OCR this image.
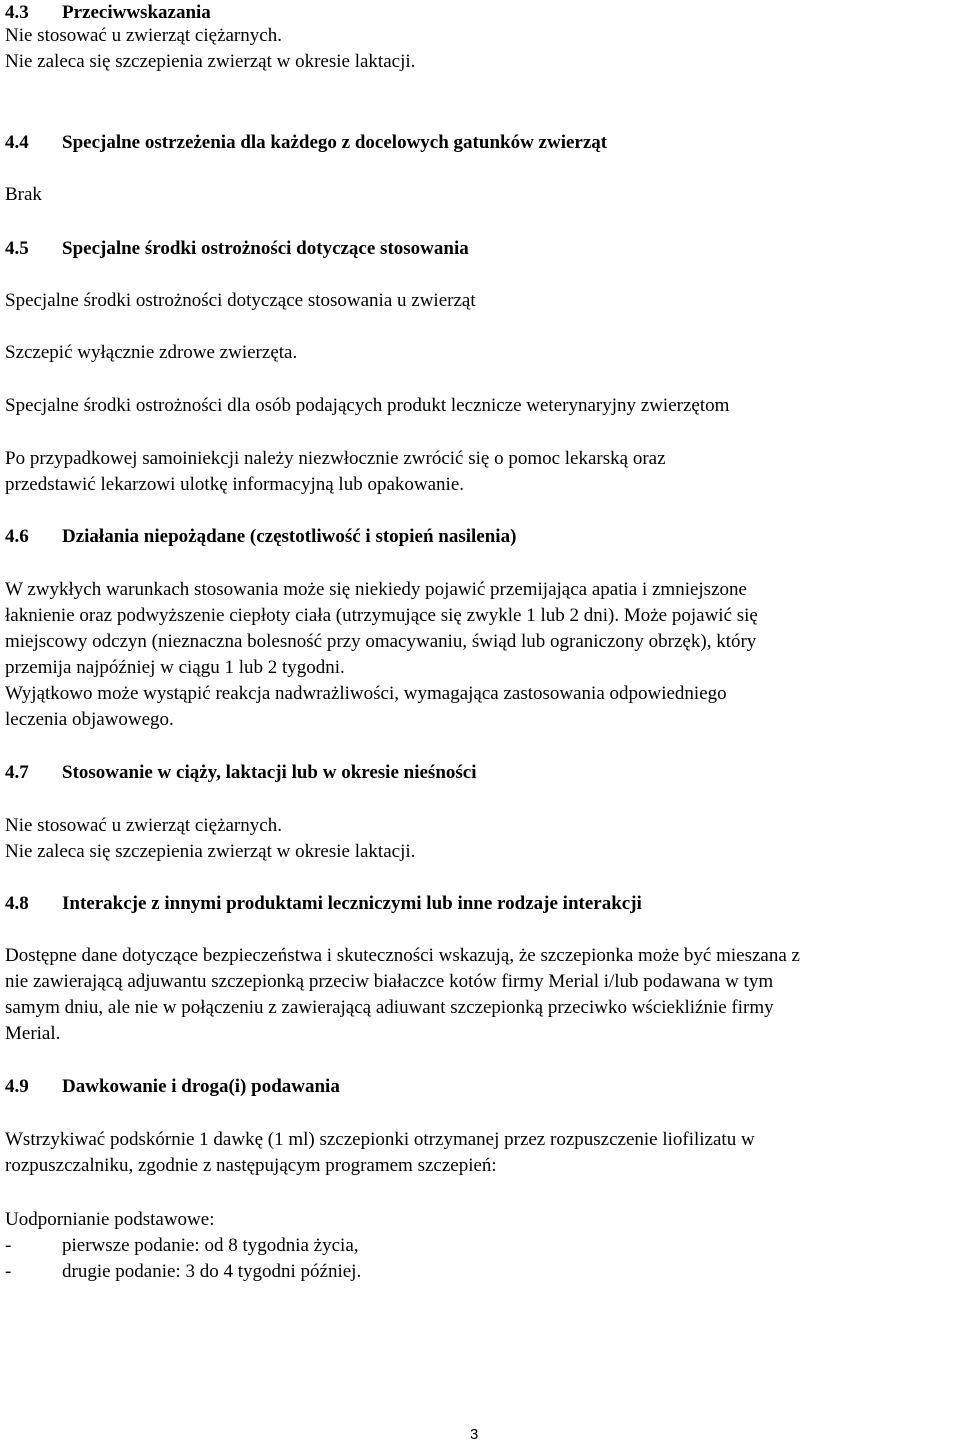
4.3 Przeciwwskazania
Nie stosować u zwierząt ciężarnych.
Nie zaleca się szczepienia zwierząt w okresie laktacji.
4.4 Specjalne ostrzeżenia dla każdego z docelowych gatunków zwierząt
Brak
4.5 Specjalne środki ostrożności dotyczące stosowania
Specjalne środki ostrożności dotyczące stosowania u zwierząt
Szczepić wyłącznie zdrowe zwierzęta.
Specjalne środki ostrożności dla osób podających produkt lecznicze weterynaryjny zwierzętom
Po przypadkowej samoiniekcji należy niezwłocznie zwrócić się o pomoc lekarską oraz
przedstawić lekarzowi ulotkę informacyjną lub opakowanie.
4.6 Działania niepożądane (częstotliwość i stopień nasilenia)
W zwykłych warunkach stosowania może się niekiedy pojawić przemijająca apatia i zmniejszone
łaknienie oraz podwyższenie ciepłoty ciała (utrzymujące się zwykle 1 lub 2 dni). Może pojawić się
miejscowy odczyn (nieznaczna bolesność przy omacywaniu, świąd lub ograniczony obrzęk), który
przemija najpóźniej w ciągu 1 lub 2 tygodni.
Wyjątkowo może wystąpić reakcja nadwrażliwości, wymagająca zastosowania odpowiedniego
leczenia objawowego.
4.7 Stosowanie w ciąży, laktacji lub w okresie nieśności
Nie stosować u zwierząt ciężarnych.
Nie zaleca się szczepienia zwierząt w okresie laktacji.
4.8 Interakcje z innymi produktami leczniczymi lub inne rodzaje interakcji
Dostępne dane dotyczące bezpieczeństwa i skuteczności wskazują, że szczepionka może być mieszana z
nie zawierającą adjuwantu szczepionką przeciw białaczce kotów firmy Merial i/lub podawana w tym
samym dniu, ale nie w połączeniu z zawierającą adiuwant szczepionką przeciwko wściekliźnie firmy
Merial.
4.9 Dawkowanie i droga(i) podawania
Wstrzykiwać podskórnie 1 dawkę (1 ml) szczepionki otrzymanej przez rozpuszczenie liofilizatu w
rozpuszczalniku, zgodnie z następującym programem szczepień:
Uodpornianie podstawowe:
-	pierwsze podanie: od 8 tygodnia życia,
-	drugie podanie: 3 do 4 tygodni później.
3
